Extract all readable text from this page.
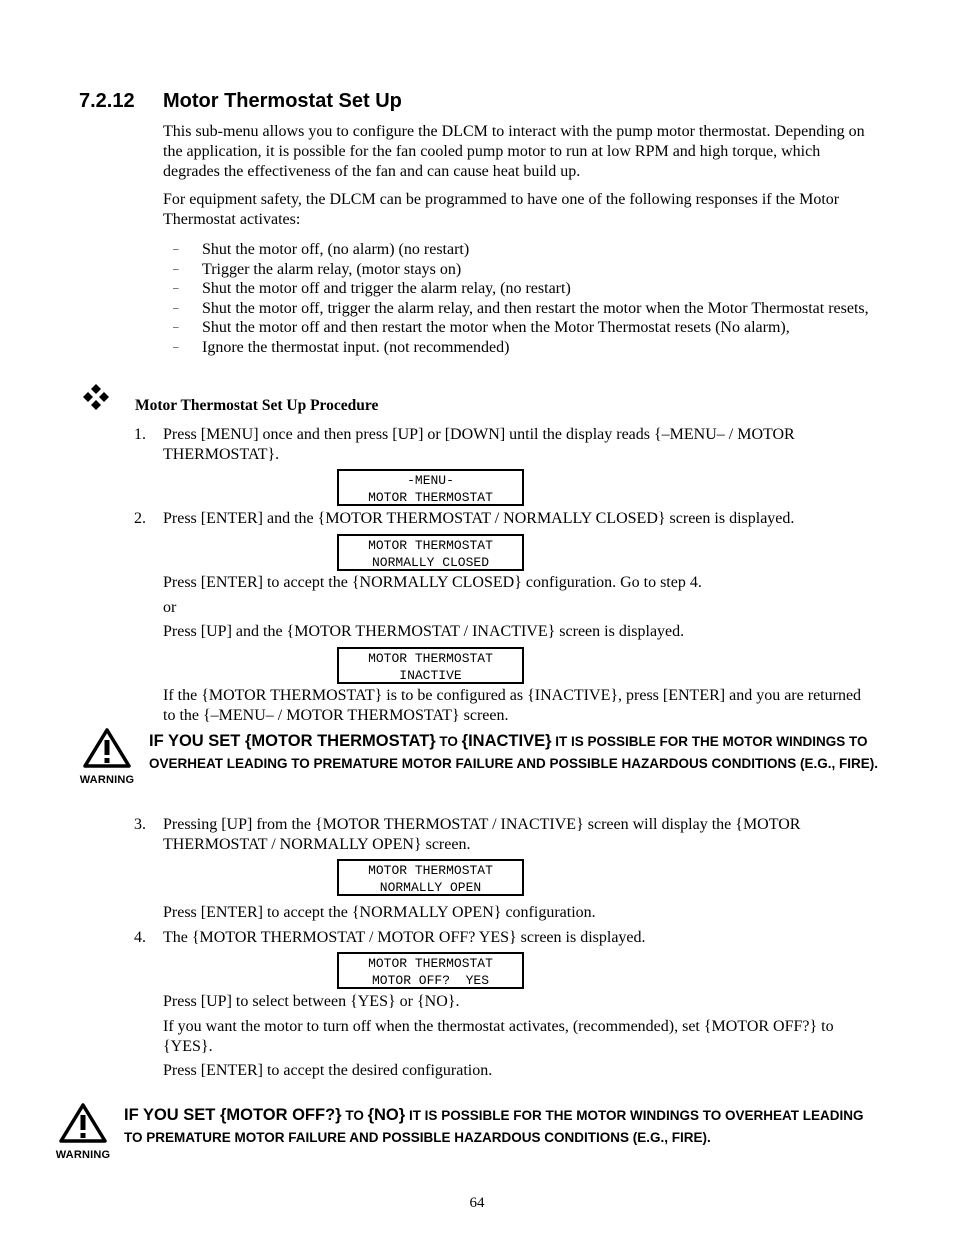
7.2.12 Motor Thermostat Set Up
This sub-menu allows you to configure the DLCM to interact with the pump motor thermostat. Depending on the application, it is possible for the fan cooled pump motor to run at low RPM and high torque, which degrades the effectiveness of the fan and can cause heat build up.
For equipment safety, the DLCM can be programmed to have one of the following responses if the Motor Thermostat activates:
– Shut the motor off, (no alarm) (no restart)
– Trigger the alarm relay, (motor stays on)
– Shut the motor off and trigger the alarm relay, (no restart)
– Shut the motor off, trigger the alarm relay, and then restart the motor when the Motor Thermostat resets,
– Shut the motor off and then restart the motor when the Motor Thermostat resets (No alarm),
– Ignore the thermostat input. (not recommended)
Motor Thermostat Set Up Procedure
1. Press [MENU] once and then press [UP] or [DOWN] until the display reads {–MENU– / MOTOR THERMOSTAT}.
-MENU-
MOTOR THERMOSTAT
2. Press [ENTER] and the {MOTOR THERMOSTAT / NORMALLY CLOSED} screen is displayed.
MOTOR THERMOSTAT
NORMALLY CLOSED
Press [ENTER] to accept the {NORMALLY CLOSED} configuration. Go to step 4.
or
Press [UP] and the {MOTOR THERMOSTAT / INACTIVE} screen is displayed.
MOTOR THERMOSTAT
INACTIVE
If the {MOTOR THERMOSTAT} is to be configured as {INACTIVE}, press [ENTER] and you are returned to the {–MENU– / MOTOR THERMOSTAT} screen.
WARNING
IF YOU SET {MOTOR THERMOSTAT} TO {INACTIVE} IT IS POSSIBLE FOR THE MOTOR WINDINGS TO OVERHEAT LEADING TO PREMATURE MOTOR FAILURE AND POSSIBLE HAZARDOUS CONDITIONS (E.G., FIRE).
3. Pressing [UP] from the {MOTOR THERMOSTAT / INACTIVE} screen will display the {MOTOR THERMOSTAT / NORMALLY OPEN} screen.
MOTOR THERMOSTAT
NORMALLY OPEN
Press [ENTER] to accept the {NORMALLY OPEN} configuration.
4. The {MOTOR THERMOSTAT / MOTOR OFF? YES} screen is displayed.
MOTOR THERMOSTAT
MOTOR OFF?  YES
Press [UP] to select between {YES} or {NO}.
If you want the motor to turn off when the thermostat activates, (recommended), set {MOTOR OFF?} to {YES}.
Press [ENTER] to accept the desired configuration.
WARNING
IF YOU SET {MOTOR OFF?} TO {NO} IT IS POSSIBLE FOR THE MOTOR WINDINGS TO OVERHEAT LEADING TO PREMATURE MOTOR FAILURE AND POSSIBLE HAZARDOUS CONDITIONS (E.G., FIRE).
64
